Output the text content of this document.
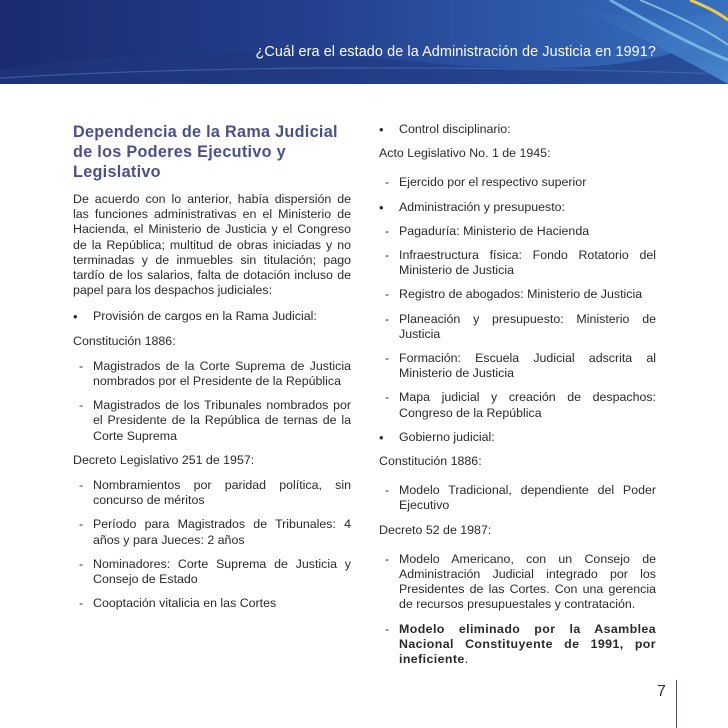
¿Cuál era el estado de la Administración de Justicia en 1991?
Dependencia de la Rama Judicial de los Poderes Ejecutivo y Legislativo

De acuerdo con lo anterior, había dispersión de las funciones administrativas en el Ministerio de Hacienda, el Ministerio de Justicia y el Congreso de la República; multitud de obras iniciadas y no terminadas y de inmuebles sin titulación; pago tardío de los salarios, falta de dotación incluso de papel para los despachos judiciales:

• Provisión de cargos en la Rama Judicial:
Constitución 1886:
- Magistrados de la Corte Suprema de Justicia nombrados por el Presidente de la República
- Magistrados de los Tribunales nombrados por el Presidente de la República de ternas de la Corte Suprema
Decreto Legislativo 251 de 1957:
- Nombramientos por paridad política, sin concurso de méritos
- Período para Magistrados de Tribunales: 4 años y para Jueces: 2 años
- Nominadores: Corte Suprema de Justicia y Consejo de Estado
- Cooptación vitalicia en las Cortes
• Control disciplinario:
Acto Legislativo No. 1 de 1945:
- Ejercido por el respectivo superior
• Administración y presupuesto:
- Pagaduría: Ministerio de Hacienda
- Infraestructura física: Fondo Rotatorio del Ministerio de Justicia
- Registro de abogados: Ministerio de Justicia
- Planeación y presupuesto: Ministerio de Justicia
- Formación: Escuela Judicial adscrita al Ministerio de Justicia
- Mapa judicial y creación de despachos: Congreso de la República
• Gobierno judicial:
Constitución 1886:
- Modelo Tradicional, dependiente del Poder Ejecutivo
Decreto 52 de 1987:
- Modelo Americano, con un Consejo de Administración Judicial integrado por los Presidentes de las Cortes. Con una gerencia de recursos presupuestales y contratación.
- Modelo eliminado por la Asamblea Nacional Constituyente de 1991, por ineficiente.
7
